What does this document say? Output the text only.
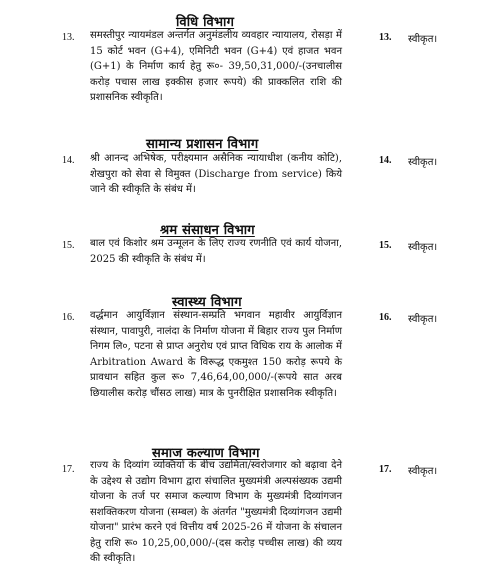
विधि विभाग
13. समस्तीपुर न्यायमंडल अन्तर्गत अनुमंडलीय व्यवहार न्यायालय, रोसड़ा में 15 कोर्ट भवन (G+4), एमिनिटी भवन (G+4) एवं हाजत भवन (G+1) के निर्माण कार्य हेतु रू०- 39,50,31,000/-(उनचालीस करोड़ पचास लाख इक्कीस हजार रूपये) की प्राक्कलित राशि की प्रशासनिक स्वीकृति।
13. स्वीकृत।
सामान्य प्रशासन विभाग
14. श्री आनन्द अभिषेक, परीक्ष्यमान असैनिक न्यायाधीश (कनीय कोटि), शेखपुरा को सेवा से विमुक्त (Discharge from service) किये जाने की स्वीकृति के संबंध में।
14. स्वीकृत।
श्रम संसाधन विभाग
15. बाल एवं किशोर श्रम उन्मूलन के लिए राज्य रणनीति एवं कार्य योजना, 2025 की स्वीकृति के संबंध में।
15. स्वीकृत।
स्वास्थ्य विभाग
16. वर्द्धमान आयुर्विज्ञान संस्थान-सम्प्रति भगवान महावीर आयुर्विज्ञान संस्थान, पावापुरी, नालंदा के निर्माण योजना में बिहार राज्य पुल निर्माण निगम लि०, पटना से प्राप्त अनुरोध एवं प्राप्त विधिक राय के आलोक में Arbitration Award के विरूद्ध एकमुश्त 150 करोड़ रूपये के प्रावधान सहित कुल रू० 7,46,64,00,000/-(रूपये सात अरब छियालीस करोड़ चौंसठ लाख) मात्र के पुनरीक्षित प्रशासनिक स्वीकृति।
16. स्वीकृत।
समाज कल्याण विभाग
17. राज्य के दिव्यांग व्यक्तियों के बीच उद्यमिता/स्वरोजगार को बढ़ावा देने के उद्देश्य से उद्योग विभाग द्वारा संचालित मुख्यमंत्री अल्पसंख्यक उद्यमी योजना के तर्ज पर समाज कल्याण विभाग के मुख्यमंत्री दिव्यांगजन सशक्तिकरण योजना (सम्बल) के अंतर्गत "मुख्यमंत्री दिव्यांगजन उद्यमी योजना" प्रारंभ करने एवं वित्तीय वर्ष 2025-26 में योजना के संचालन हेतु राशि रू० 10,25,00,000/-(दस करोड़ पच्चीस लाख) की व्यय की स्वीकृति।
17. स्वीकृत।
